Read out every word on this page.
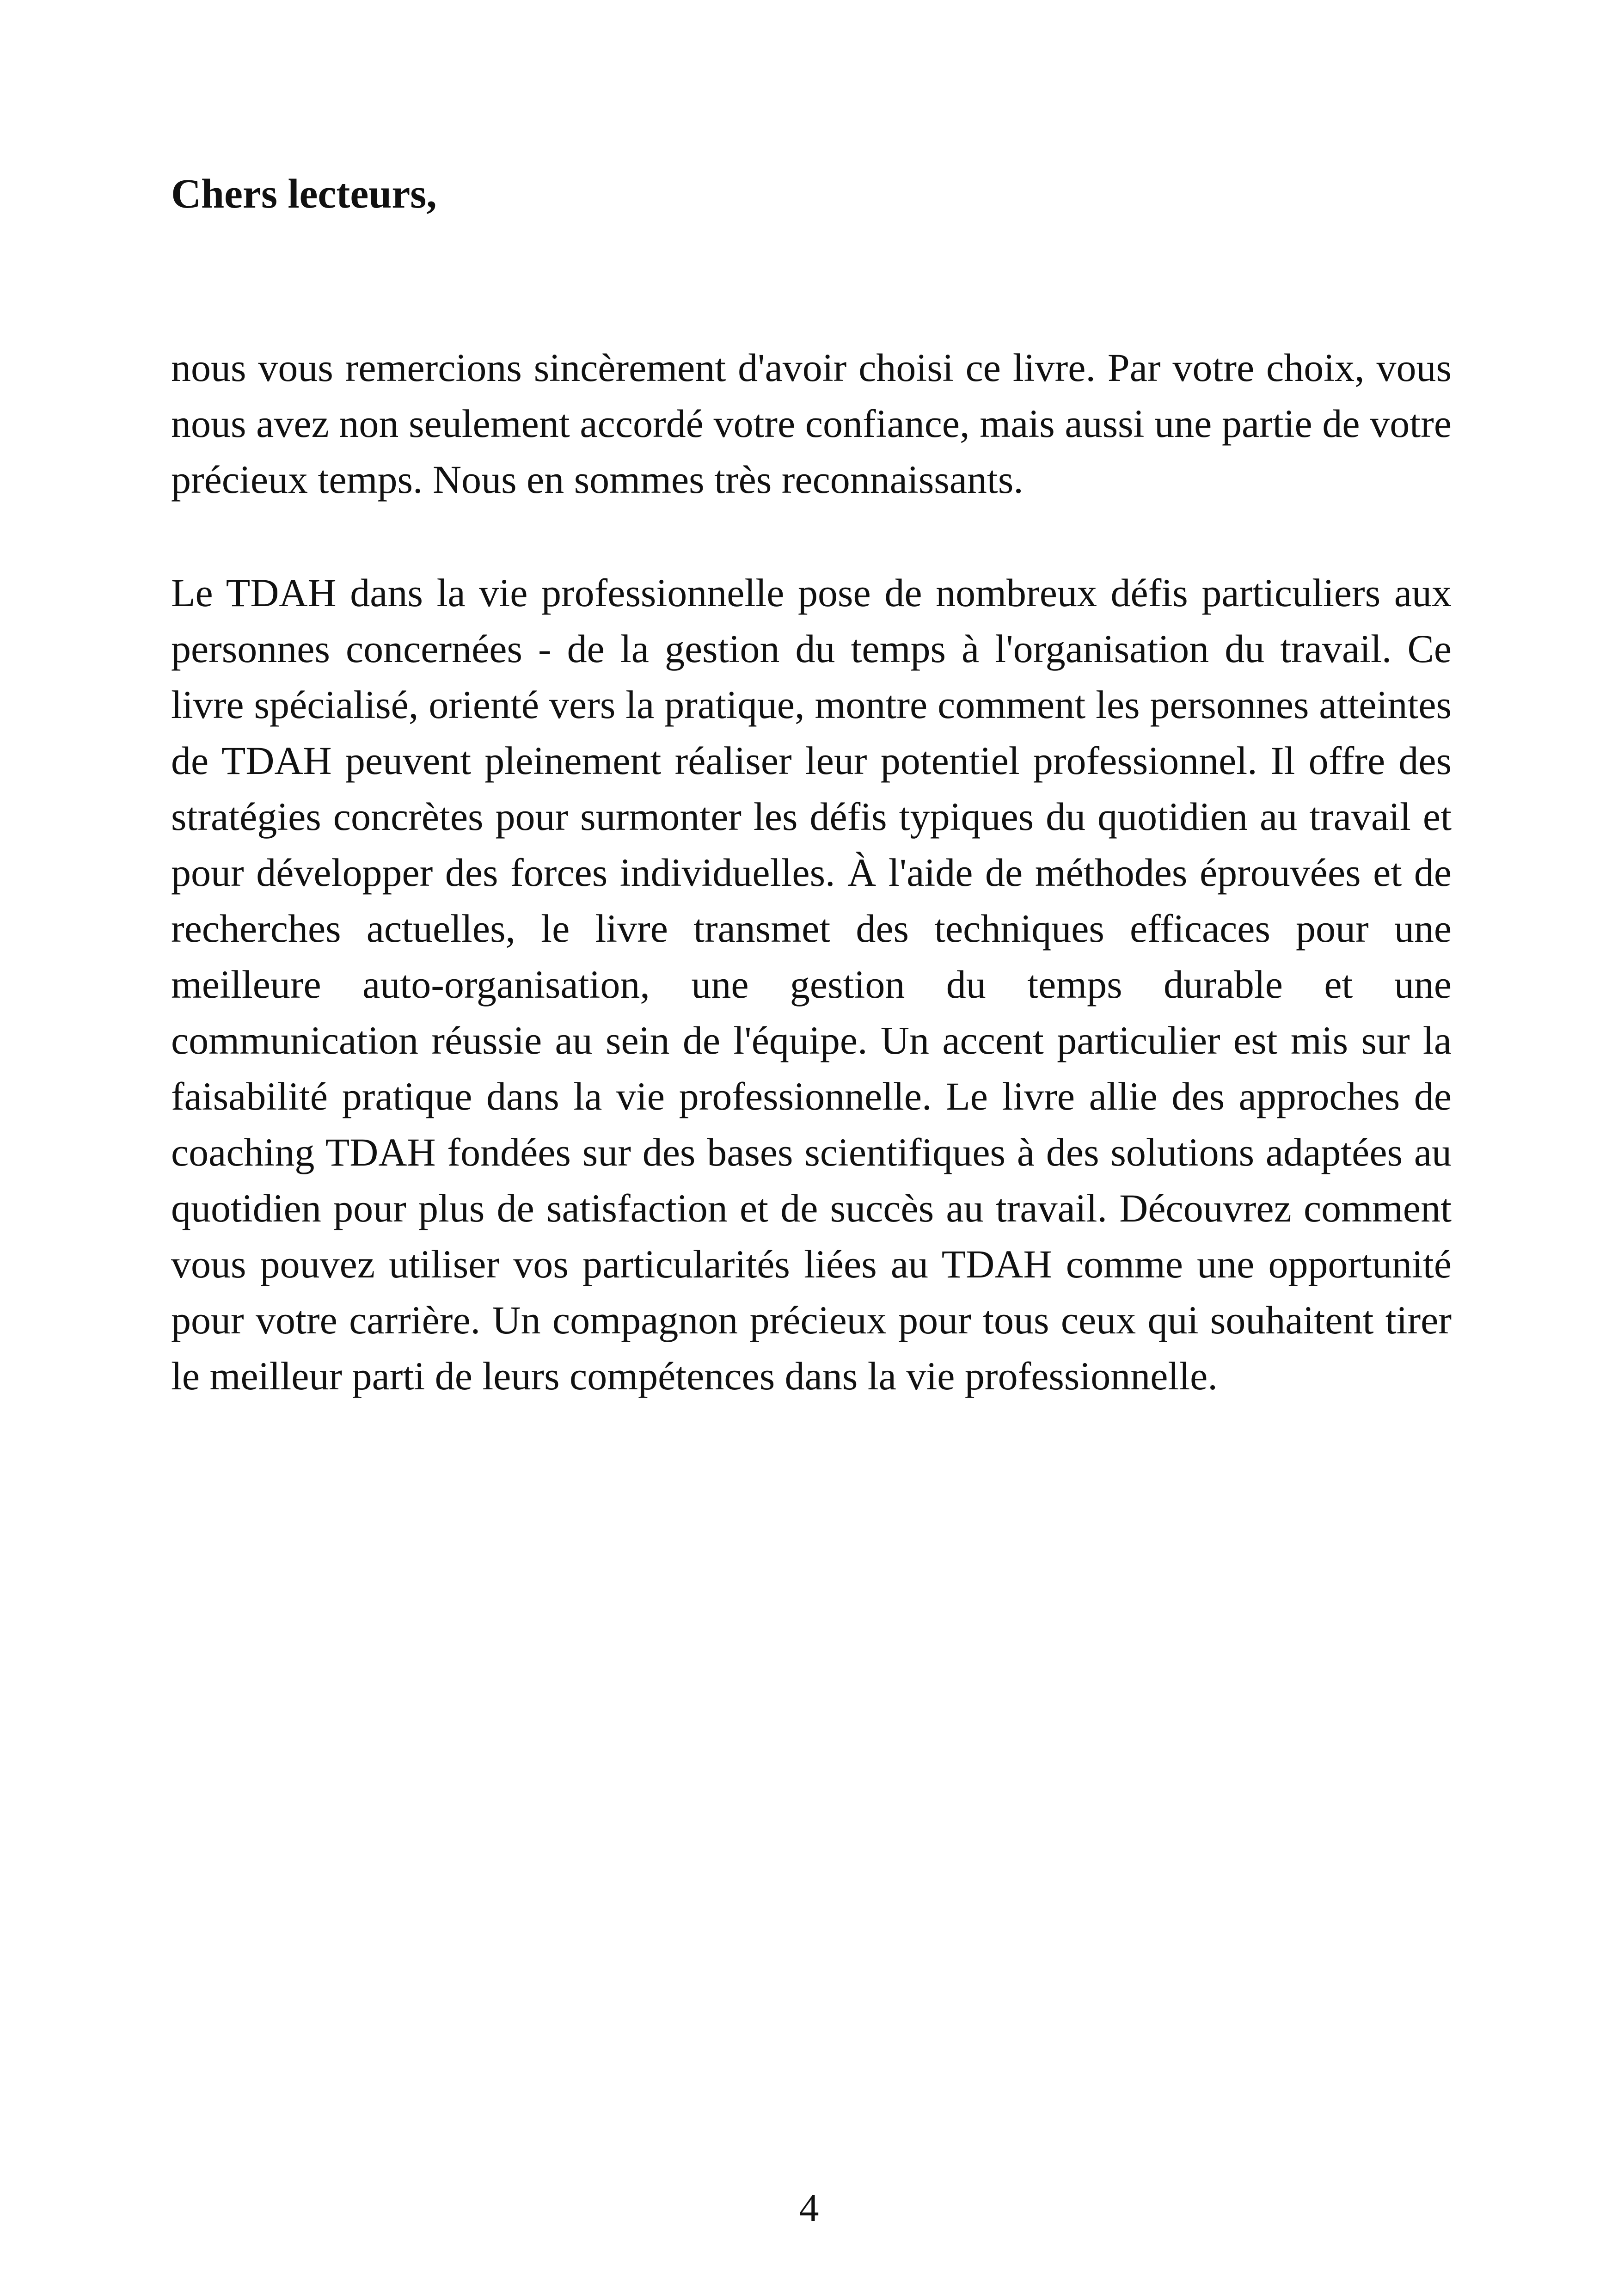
Chers lecteurs,

nous vous remercions sincèrement d'avoir choisi ce livre. Par votre choix, vous nous avez non seulement accordé votre confiance, mais aussi une partie de votre précieux temps. Nous en sommes très reconnaissants.

Le TDAH dans la vie professionnelle pose de nombreux défis particuliers aux personnes concernées - de la gestion du temps à l'organisation du travail. Ce livre spécialisé, orienté vers la pratique, montre comment les personnes atteintes de TDAH peuvent pleinement réaliser leur potentiel professionnel. Il offre des stratégies concrètes pour surmonter les défis typiques du quotidien au travail et pour développer des forces individuelles. À l'aide de méthodes éprouvées et de recherches actuelles, le livre transmet des techniques efficaces pour une meilleure auto-organisation, une gestion du temps durable et une communication réussie au sein de l'équipe. Un accent particulier est mis sur la faisabilité pratique dans la vie professionnelle. Le livre allie des approches de coaching TDAH fondées sur des bases scientifiques à des solutions adaptées au quotidien pour plus de satisfaction et de succès au travail. Découvrez comment vous pouvez utiliser vos particularités liées au TDAH comme une opportunité pour votre carrière. Un compagnon précieux pour tous ceux qui souhaitent tirer le meilleur parti de leurs compétences dans la vie professionnelle.

4
